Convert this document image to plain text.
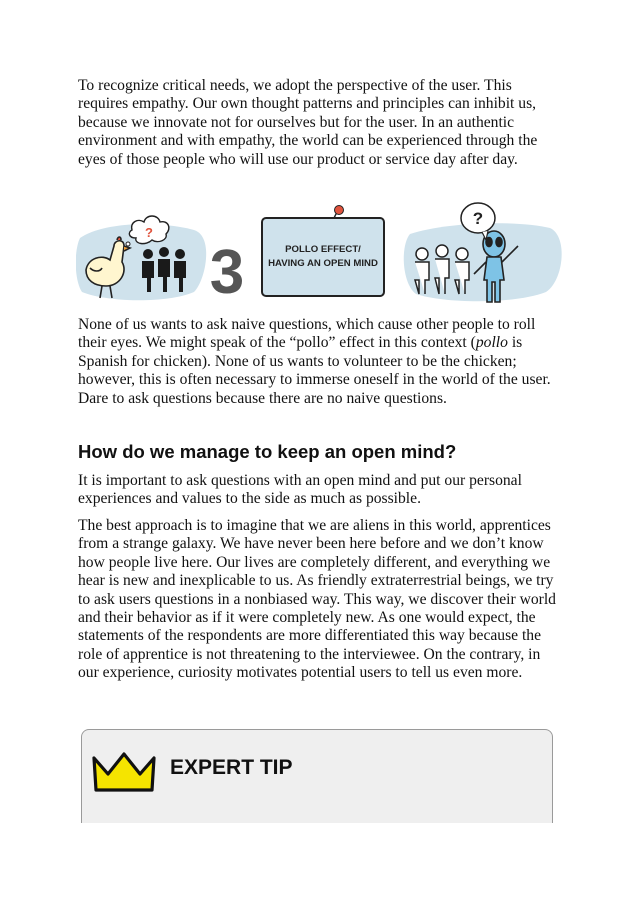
To recognize critical needs, we adopt the perspective of the user. This requires empathy. Our own thought patterns and principles can inhibit us, because we innovate not for ourselves but for the user. In an authentic environment and with empathy, the world can be experienced through the eyes of those people who will use our product or service day after day.

?
3	POLLO EFFECT/
HAVING AN OPEN MIND
?

None of us wants to ask naive questions, which cause other people to roll their eyes. We might speak of the “pollo” effect in this context (pollo is Spanish for chicken). None of us wants to volunteer to be the chicken; however, this is often necessary to immerse oneself in the world of the user. Dare to ask questions because there are no naive questions.

How do we manage to keep an open mind?

It is important to ask questions with an open mind and put our personal experiences and values to the side as much as possible.

The best approach is to imagine that we are aliens in this world, apprentices from a strange galaxy. We have never been here before and we don’t know how people live here. Our lives are completely different, and everything we hear is new and inexplicable to us. As friendly extraterrestrial beings, we try to ask users questions in a nonbiased way. This way, we discover their world and their behavior as if it were completely new. As one would expect, the statements of the respondents are more differentiated this way because the role of apprentice is not threatening to the interviewee. On the contrary, in our experience, curiosity motivates potential users to tell us even more.

EXPERT TIP
